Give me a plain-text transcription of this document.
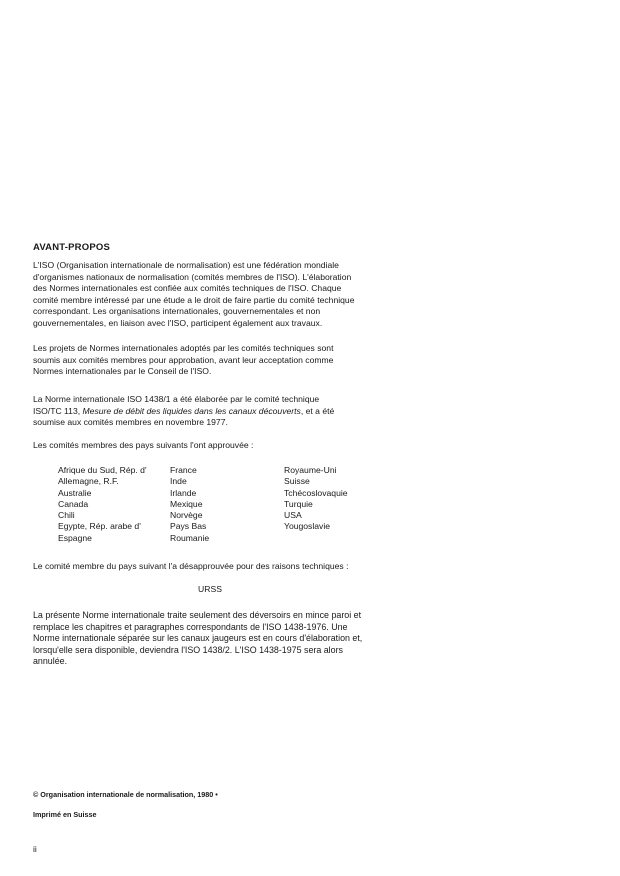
AVANT-PROPOS

L'ISO (Organisation internationale de normalisation) est une fédération mondiale
d'organismes nationaux de normalisation (comités membres de l'ISO). L'élaboration
des Normes internationales est confiée aux comités techniques de l'ISO. Chaque
comité membre intéressé par une étude a le droit de faire partie du comité technique
correspondant. Les organisations internationales, gouvernementales et non
gouvernementales, en liaison avec l'ISO, participent également aux travaux.

Les projets de Normes internationales adoptés par les comités techniques sont
soumis aux comités membres pour approbation, avant leur acceptation comme
Normes internationales par le Conseil de l'ISO.

La Norme internationale ISO 1438/1 a été élaborée par le comité technique
ISO/TC 113, Mesure de débit des liquides dans les canaux découverts, et a été
soumise aux comités membres en novembre 1977.

Les comités membres des pays suivants l'ont approuvée :

Afrique du Sud, Rép. d'
Allemagne, R.F.
Australie
Canada
Chili
Egypte, Rép. arabe d'
Espagne
France
Inde
Irlande
Mexique
Norvège
Pays Bas
Roumanie
Royaume-Uni
Suisse
Tchécoslovaquie
Turquie
USA
Yougoslavie

Le comité membre du pays suivant l'a désapprouvée pour des raisons techniques :

URSS

La présente Norme internationale traite seulement des déversoirs en mince paroi et
remplace les chapitres et paragraphes correspondants de l'ISO 1438-1976. Une
Norme internationale séparée sur les canaux jaugeurs est en cours d'élaboration et,
lorsqu'elle sera disponible, deviendra l'ISO 1438/2. L'ISO 1438-1975 sera alors
annulée.

© Organisation internationale de normalisation, 1980 •
Imprimé en Suisse
ii
